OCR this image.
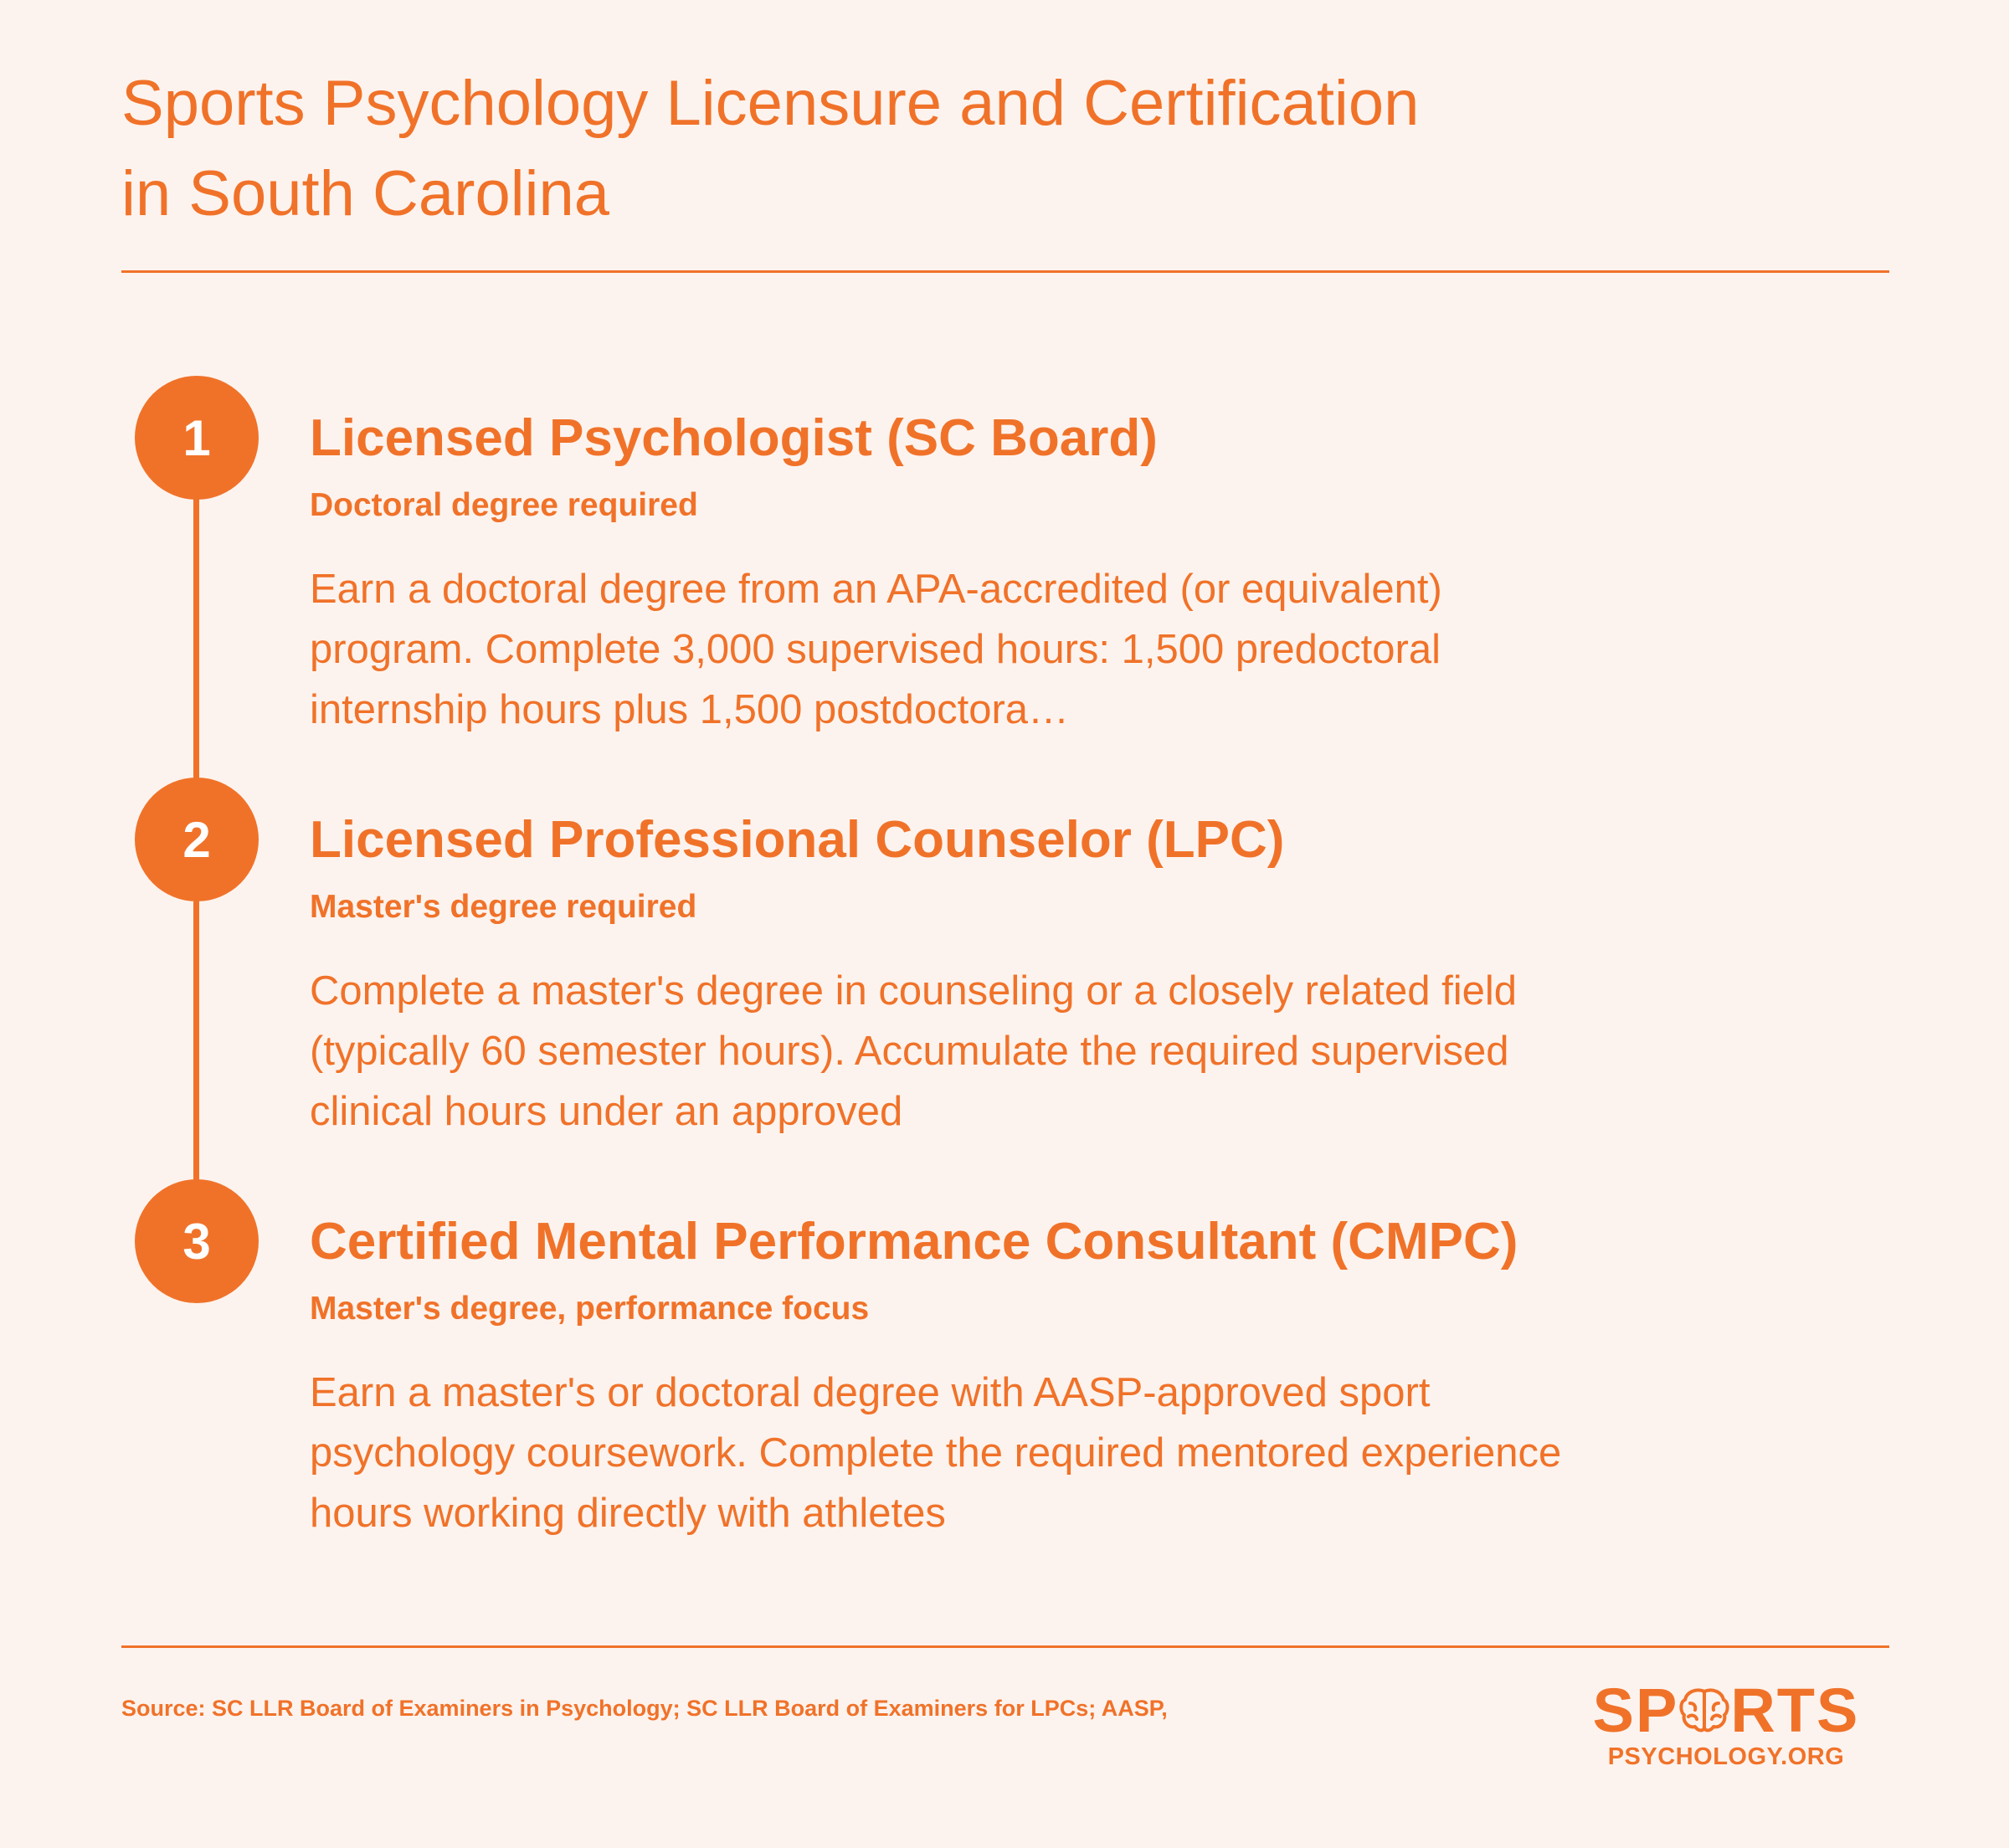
Sports Psychology Licensure and Certification
in South Carolina
1 Licensed Psychologist (SC Board)
Doctoral degree required
Earn a doctoral degree from an APA-accredited (or equivalent) program. Complete 3,000 supervised hours: 1,500 predoctoral internship hours plus 1,500 postdoctora…
2 Licensed Professional Counselor (LPC)
Master's degree required
Complete a master's degree in counseling or a closely related field (typically 60 semester hours). Accumulate the required supervised clinical hours under an approved
3 Certified Mental Performance Consultant (CMPC)
Master's degree, performance focus
Earn a master's or doctoral degree with AASP-approved sport psychology coursework. Complete the required mentored experience hours working directly with athletes
Source: SC LLR Board of Examiners in Psychology; SC LLR Board of Examiners for LPCs; AASP,	SP RTS
PSYCHOLOGY.ORG
